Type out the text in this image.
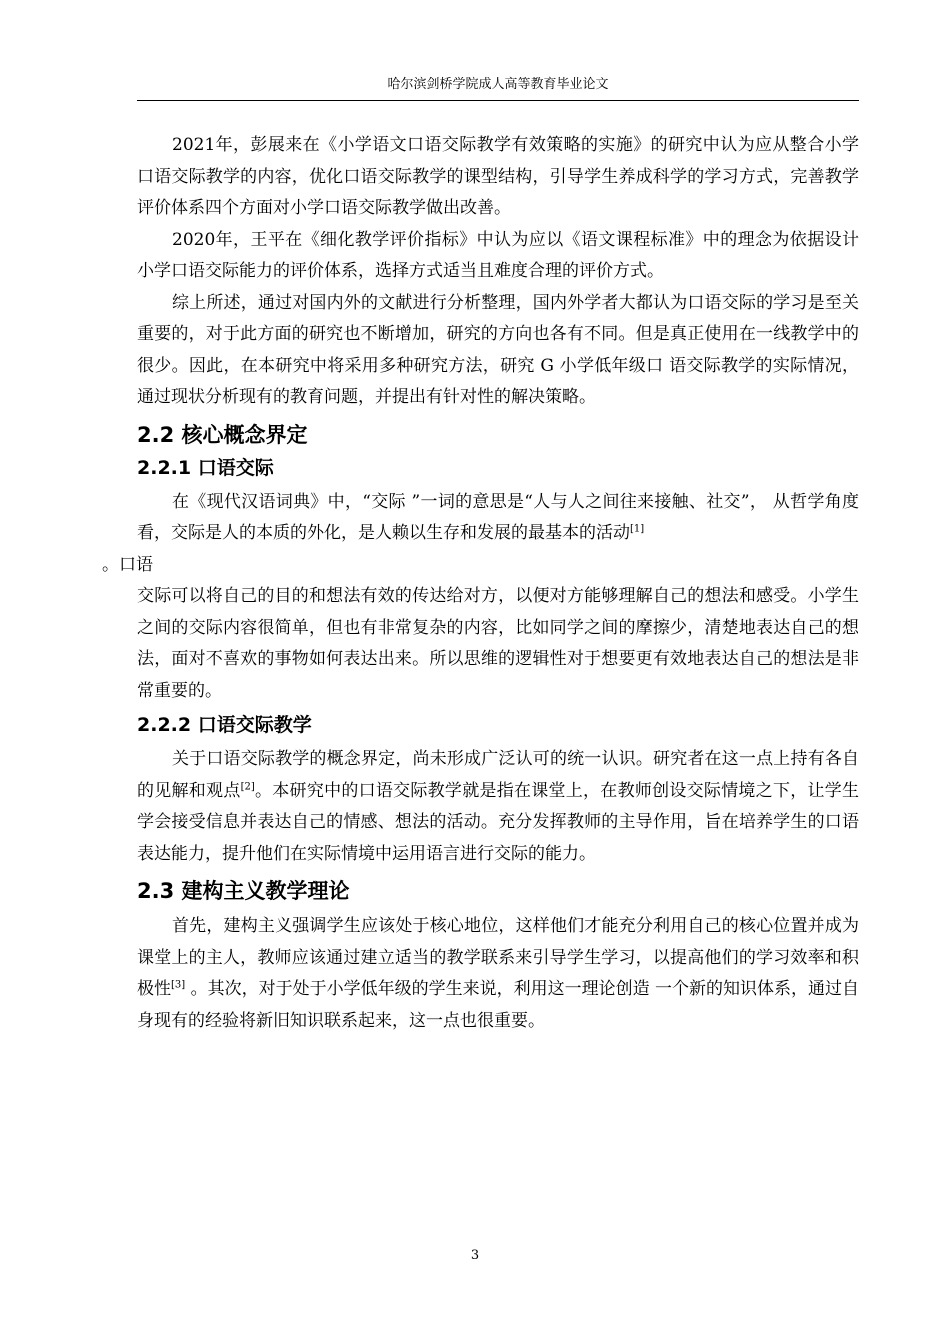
哈尔滨剑桥学院成人高等教育毕业论文

2021年，彭展来在《小学语文口语交际教学有效策略的实施》的研究中认为应从整合小学口语交际教学的内容，优化口语交际教学的课型结构，引导学生养成科学的学习方式，完善教学评价体系四个方面对小学口语交际教学做出改善。

2020年，王平在《细化教学评价指标》中认为应以《语文课程标准》中的理念为依据设计小学口语交际能力的评价体系，选择方式适当且难度合理的评价方式。

综上所述，通过对国内外的文献进行分析整理，国内外学者大都认为口语交际的学习是至关重要的，对于此方面的研究也不断增加，研究的方向也各有不同。但是真正使用在一线教学中的很少。因此，在本研究中将采用多种研究方法，研究 G 小学低年级口 语交际教学的实际情况，通过现状分析现有的教育问题，并提出有针对性的解决策略。

2.2 核心概念界定
2.2.1 口语交际

在《现代汉语词典》中，“交际 ”一词的意思是“人与人之间往来接触、社交”， 从哲学角度看，交际是人的本质的外化，是人赖以生存和发展的最基本的活动[1]
。口语

交际可以将自己的目的和想法有效的传达给对方，以便对方能够理解自己的想法和感受。小学生之间的交际内容很简单，但也有非常复杂的内容，比如同学之间的摩擦少，清楚地表达自己的想法，面对不喜欢的事物如何表达出来。所以思维的逻辑性对于想要更有效地表达自己的想法是非常重要的。

2.2.2 口语交际教学

关于口语交际教学的概念界定，尚未形成广泛认可的统一认识。研究者在这一点上持有各自的见解和观点[2]。本研究中的口语交际教学就是指在课堂上，在教师创设交际情境之下，让学生学会接受信息并表达自己的情感、想法的活动。充分发挥教师的主导作用，旨在培养学生的口语表达能力，提升他们在实际情境中运用语言进行交际的能力。

2.3 建构主义教学理论

首先，建构主义强调学生应该处于核心地位，这样他们才能充分利用自己的核心位置并成为课堂上的主人，教师应该通过建立适当的教学联系来引导学生学习，以提高他们的学习效率和积极性[3] 。其次，对于处于小学低年级的学生来说，利用这一理论创造 一个新的知识体系，通过自身现有的经验将新旧知识联系起来，这一点也很重要。

3
